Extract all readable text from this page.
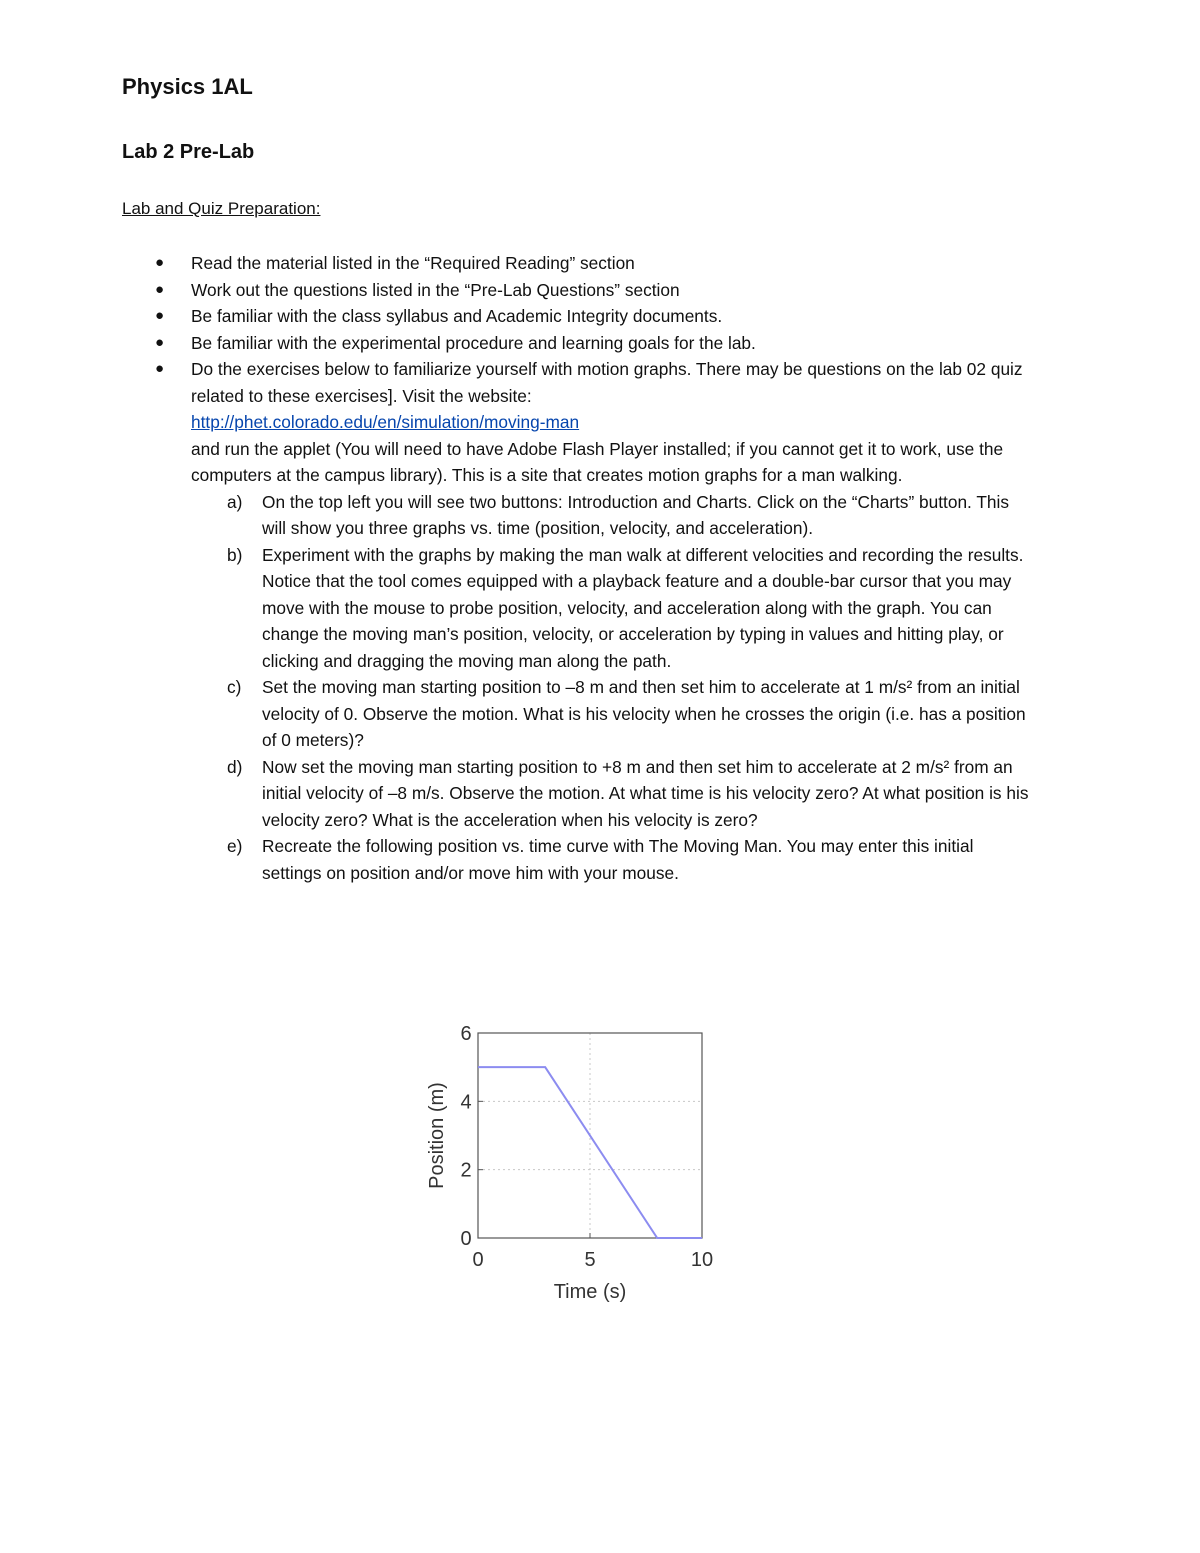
Physics 1AL
Lab 2 Pre-Lab

Lab and Quiz Preparation:

● Read the material listed in the “Required Reading” section
● Work out the questions listed in the “Pre-Lab Questions” section
● Be familiar with the class syllabus and Academic Integrity documents.
● Be familiar with the experimental procedure and learning goals for the lab.
● Do the exercises below to familiarize yourself with motion graphs. There may be questions on the lab 02 quiz related to these exercises]. Visit the website:
http://phet.colorado.edu/en/simulation/moving-man
and run the applet (You will need to have Adobe Flash Player installed; if you cannot get it to work, use the computers at the campus library). This is a site that creates motion graphs for a man walking.
a) On the top left you will see two buttons: Introduction and Charts. Click on the “Charts” button. This will show you three graphs vs. time (position, velocity, and acceleration).
b) Experiment with the graphs by making the man walk at different velocities and recording the results. Notice that the tool comes equipped with a playback feature and a double-bar cursor that you may move with the mouse to probe position, velocity, and acceleration along with the graph. You can change the moving man’s position, velocity, or acceleration by typing in values and hitting play, or clicking and dragging the moving man along the path.
c) Set the moving man starting position to –8 m and then set him to accelerate at 1 m/s² from an initial velocity of 0. Observe the motion. What is his velocity when he crosses the origin (i.e. has a position of 0 meters)?
d) Now set the moving man starting position to +8 m and then set him to accelerate at 2 m/s² from an initial velocity of –8 m/s. Observe the motion. At what time is his velocity zero? At what position is his velocity zero? What is the acceleration when his velocity is zero?
e) Recreate the following position vs. time curve with The Moving Man. You may enter this initial settings on position and/or move him with your mouse.
0	5	10
0
2
4
6
Time (s)
Position (m)
